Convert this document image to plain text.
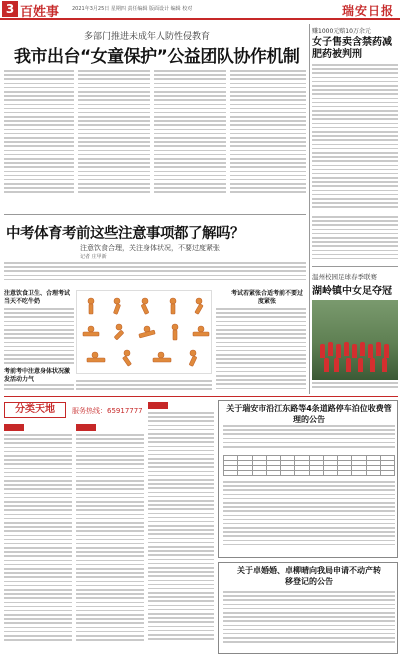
3 百姓事	2021年3月25日 星期四 责任编辑 版面设计 编辑 校对	瑞安日报
多部门推进未成年人防性侵教育
我市出台“女童保护”公益团队协作机制
赚1000元赔10万余元
女子售卖含禁药减肥药被判刑
中考体育考前这些注意事项都了解吗？
注意饮食合理，关注身体状况，不要过度紧张
记者 庄甲新
注意饮食卫生、合理考试当天不吃牛奶
考前考中注意身体状况激发活动力气
考试若紧张合适考前不要过度紧张
温州校园足球春季联赛
湖岭镇中女足夺冠
分类天地	服务热线：65917777	关于瑞安市沿江东路等4条道路停车泊位收费管理的公告

关于卓婚婚、卓柳晴向我局申请不动产转移登记的公告
